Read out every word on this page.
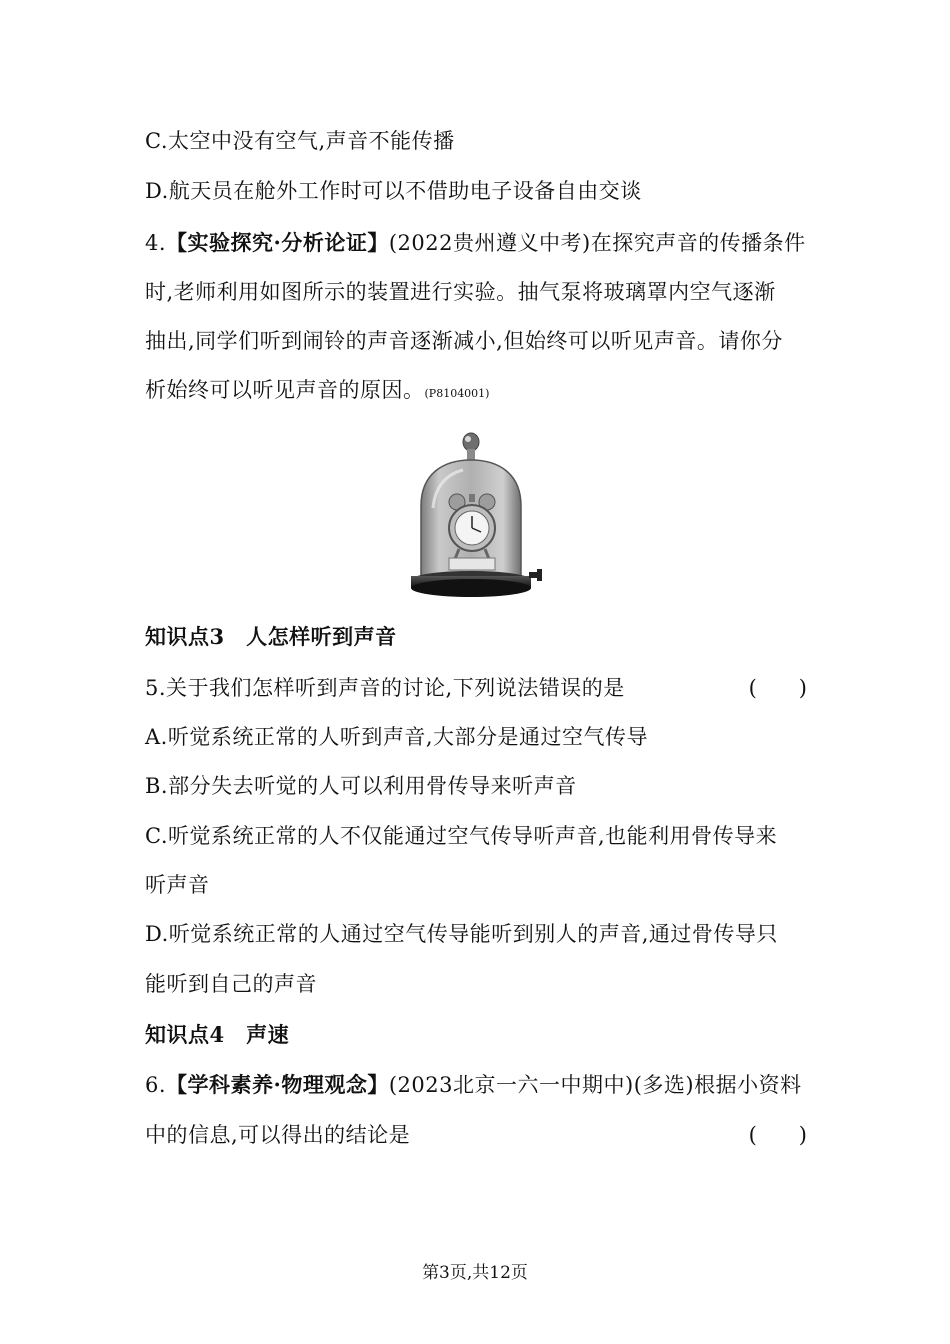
C.太空中没有空气,声音不能传播
D.航天员在舱外工作时可以不借助电子设备自由交谈
4.【实验探究·分析论证】(2022贵州遵义中考)在探究声音的传播条件
时,老师利用如图所示的装置进行实验。抽气泵将玻璃罩内空气逐渐
抽出,同学们听到闹铃的声音逐渐减小,但始终可以听见声音。请你分
析始终可以听见声音的原因。(P8104001)
知识点3　人怎样听到声音
5.关于我们怎样听到声音的讨论,下列说法错误的是	(　　)
A.听觉系统正常的人听到声音,大部分是通过空气传导
B.部分失去听觉的人可以利用骨传导来听声音
C.听觉系统正常的人不仅能通过空气传导听声音,也能利用骨传导来
听声音
D.听觉系统正常的人通过空气传导能听到别人的声音,通过骨传导只
能听到自己的声音
知识点4　声速
6.【学科素养·物理观念】(2023北京一六一中期中)(多选)根据小资料
中的信息,可以得出的结论是	(　　)
第3页,共12页
